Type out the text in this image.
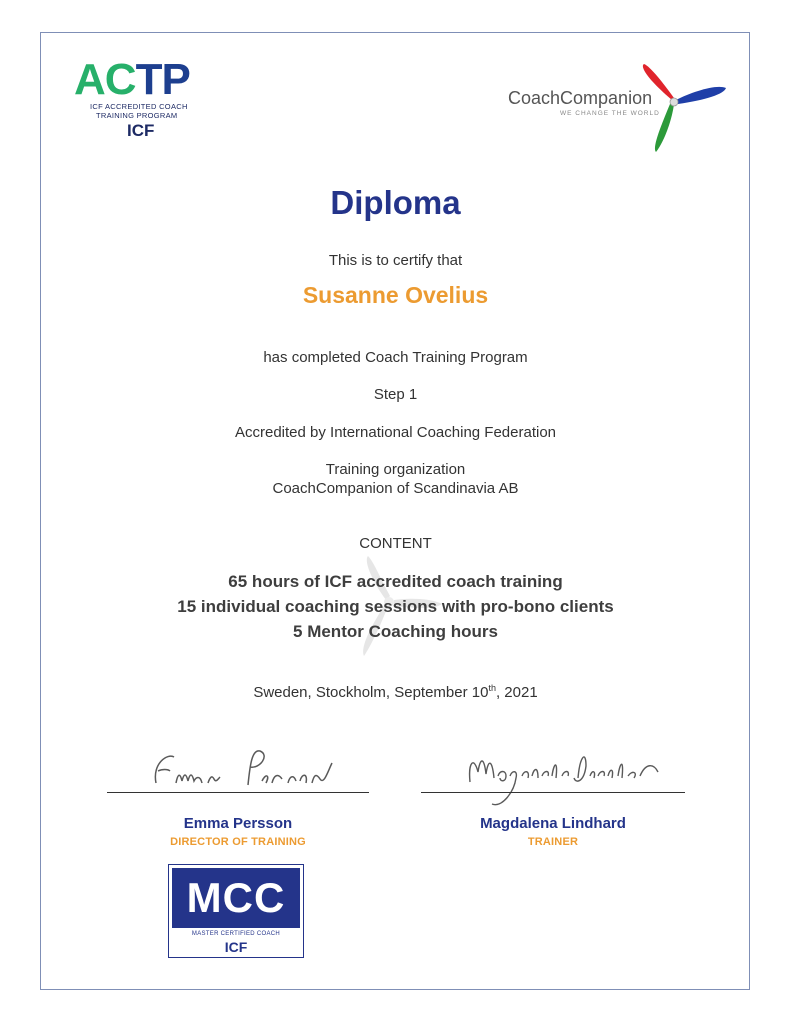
ACTP
ICF ACCREDITED COACH
TRAINING PROGRAM
ICF
CoachCompanion
WE CHANGE THE WORLD
Diploma
This is to certify that
Susanne Ovelius
has completed Coach Training Program
Step 1
Accredited by International Coaching Federation
Training organization
CoachCompanion of Scandinavia AB
CONTENT
65 hours of ICF accredited coach training
15 individual coaching sessions with pro-bono clients
5 Mentor Coaching hours
Sweden, Stockholm, September 10th, 2021
Emma Persson
DIRECTOR OF TRAINING
Magdalena Lindhard
TRAINER
MCC
MASTER CERTIFIED COACH
ICF
